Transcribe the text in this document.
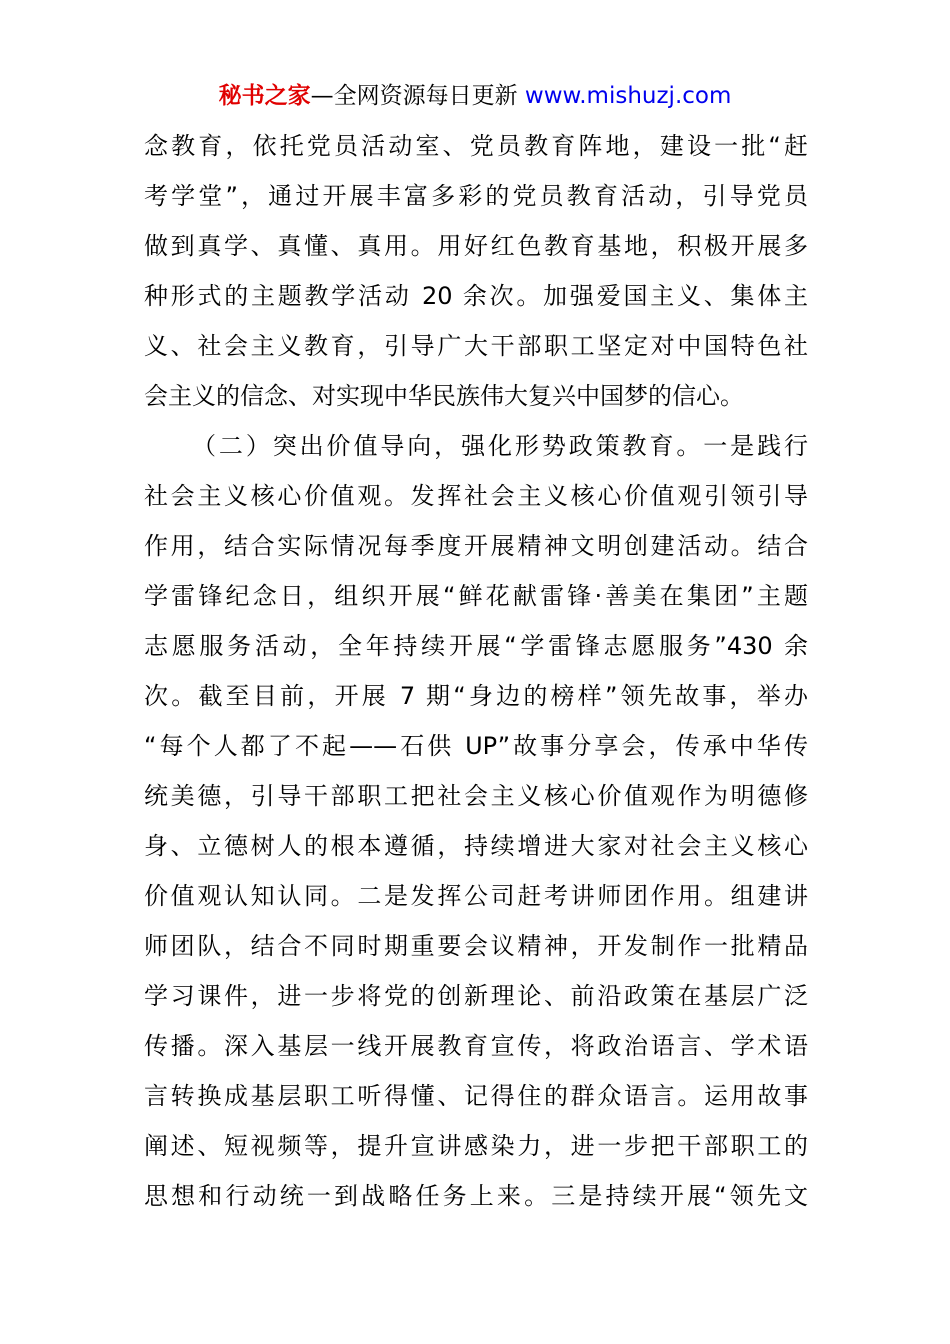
秘书之家—全网资源每日更新 www.mishuzj.com
念教育，依托党员活动室、党员教育阵地，建设一批“赶
考学堂”，通过开展丰富多彩的党员教育活动，引导党员
做到真学、真懂、真用。用好红色教育基地，积极开展多
种形式的主题教学活动 20 余次。加强爱国主义、集体主
义、社会主义教育，引导广大干部职工坚定对中国特色社
会主义的信念、对实现中华民族伟大复兴中国梦的信心。
（二）突出价值导向，强化形势政策教育。一是践行
社会主义核心价值观。发挥社会主义核心价值观引领引导
作用，结合实际情况每季度开展精神文明创建活动。结合
学雷锋纪念日，组织开展“鲜花献雷锋·善美在集团”主题
志愿服务活动，全年持续开展“学雷锋志愿服务”430 余
次。截至目前，开展 7 期“身边的榜样”领先故事，举办
“每个人都了不起——石供 UP”故事分享会，传承中华传
统美德，引导干部职工把社会主义核心价值观作为明德修
身、立德树人的根本遵循，持续增进大家对社会主义核心
价值观认知认同。二是发挥公司赶考讲师团作用。组建讲
师团队，结合不同时期重要会议精神，开发制作一批精品
学习课件，进一步将党的创新理论、前沿政策在基层广泛
传播。深入基层一线开展教育宣传，将政治语言、学术语
言转换成基层职工听得懂、记得住的群众语言。运用故事
阐述、短视频等，提升宣讲感染力，进一步把干部职工的
思想和行动统一到战略任务上来。三是持续开展“领先文
